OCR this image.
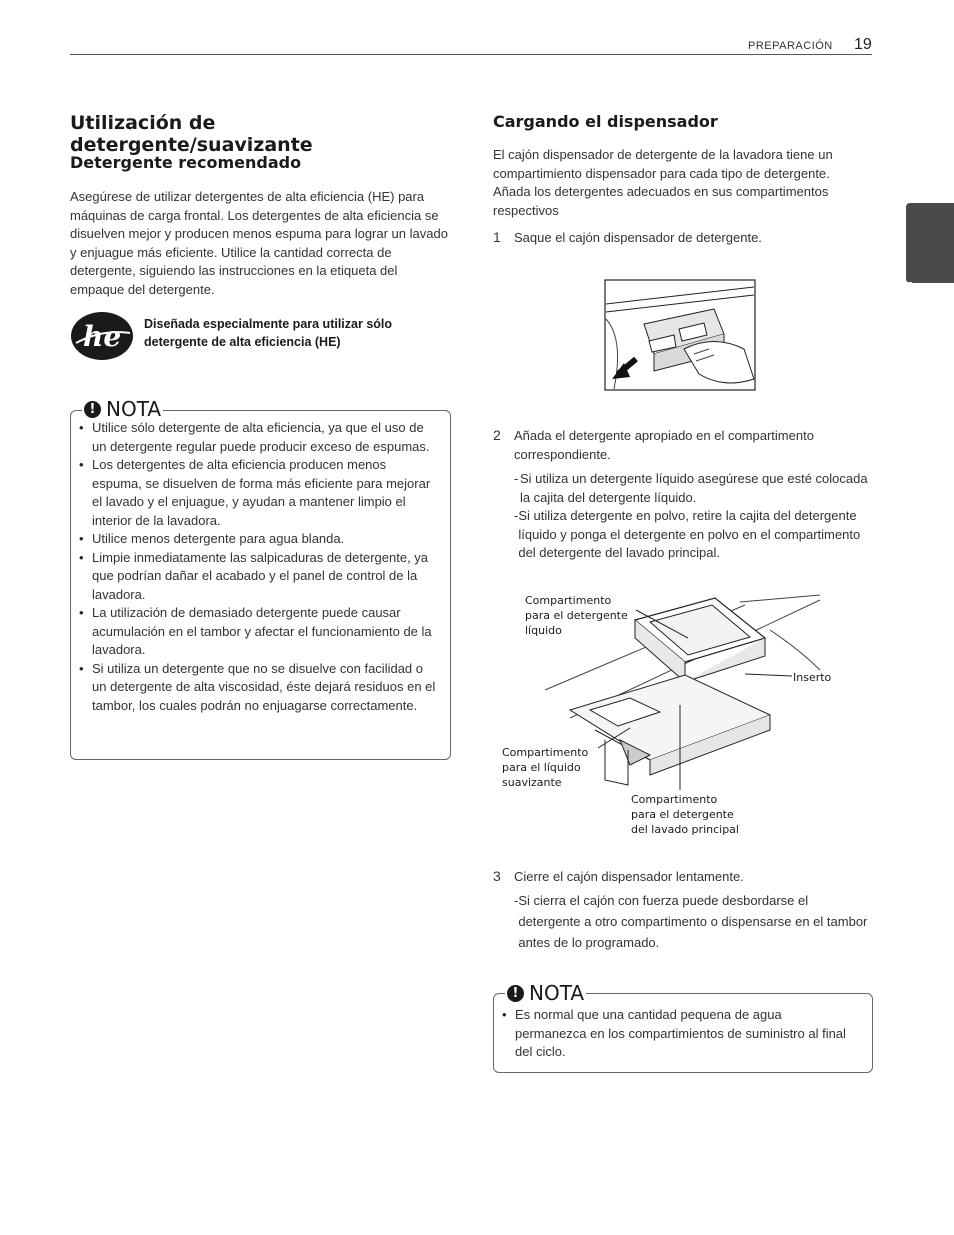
PREPARACIÓN 19
ESPAÑOL
Utilización de detergente/suavizante
Detergente recomendado
Asegúrese de utilizar detergentes de alta eficiencia (HE) para máquinas de carga frontal. Los detergentes de alta eficiencia se disuelven mejor y producen menos espuma para lograr un lavado y enjuague más eficiente. Utilice la cantidad correcta de detergente, siguiendo las instrucciones en la etiqueta del empaque del detergente.
he Diseñada especialmente para utilizar sólo detergente de alta eficiencia (HE)
! NOTA
• Utilice sólo detergente de alta eficiencia, ya que el uso de un detergente regular puede producir exceso de espumas.
• Los detergentes de alta eficiencia producen menos espuma, se disuelven de forma más eficiente para mejorar el lavado y el enjuague, y ayudan a mantener limpio el interior de la lavadora.
• Utilice menos detergente para agua blanda.
• Limpie inmediatamente las salpicaduras de detergente, ya que podrían dañar el acabado y el panel de control de la lavadora.
• La utilización de demasiado detergente puede causar acumulación en el tambor y afectar el funcionamiento de la lavadora.
• Si utiliza un detergente que no se disuelve con facilidad o un detergente de alta viscosidad, éste dejará residuos en el tambor, los cuales podrán no enjuagarse correctamente.
Cargando el dispensador
El cajón dispensador de detergente de la lavadora tiene un compartimiento dispensador para cada tipo de detergente. Añada los detergentes adecuados en sus compartimentos respectivos
1 Saque el cajón dispensador de detergente.
2 Añada el detergente apropiado en el compartimento correspondiente.
- Si utiliza un detergente líquido asegúrese que esté colocada la cajita del detergente líquido.
- Si utiliza detergente en polvo, retire la cajita del detergente líquido y ponga el detergente en polvo en el compartimento del detergente del lavado principal.
Compartimento
para el detergente
líquido
Inserto
Compartimento
para el líquido
suavizante
Compartimento
para el detergente
del lavado principal
3 Cierre el cajón dispensador lentamente.
- Si cierra el cajón con fuerza puede desbordarse el detergente a otro compartimento o dispensarse en el tambor antes de lo programado.
! NOTA
• Es normal que una cantidad pequena de agua permanezca en los compartimientos de suministro al final del ciclo.
